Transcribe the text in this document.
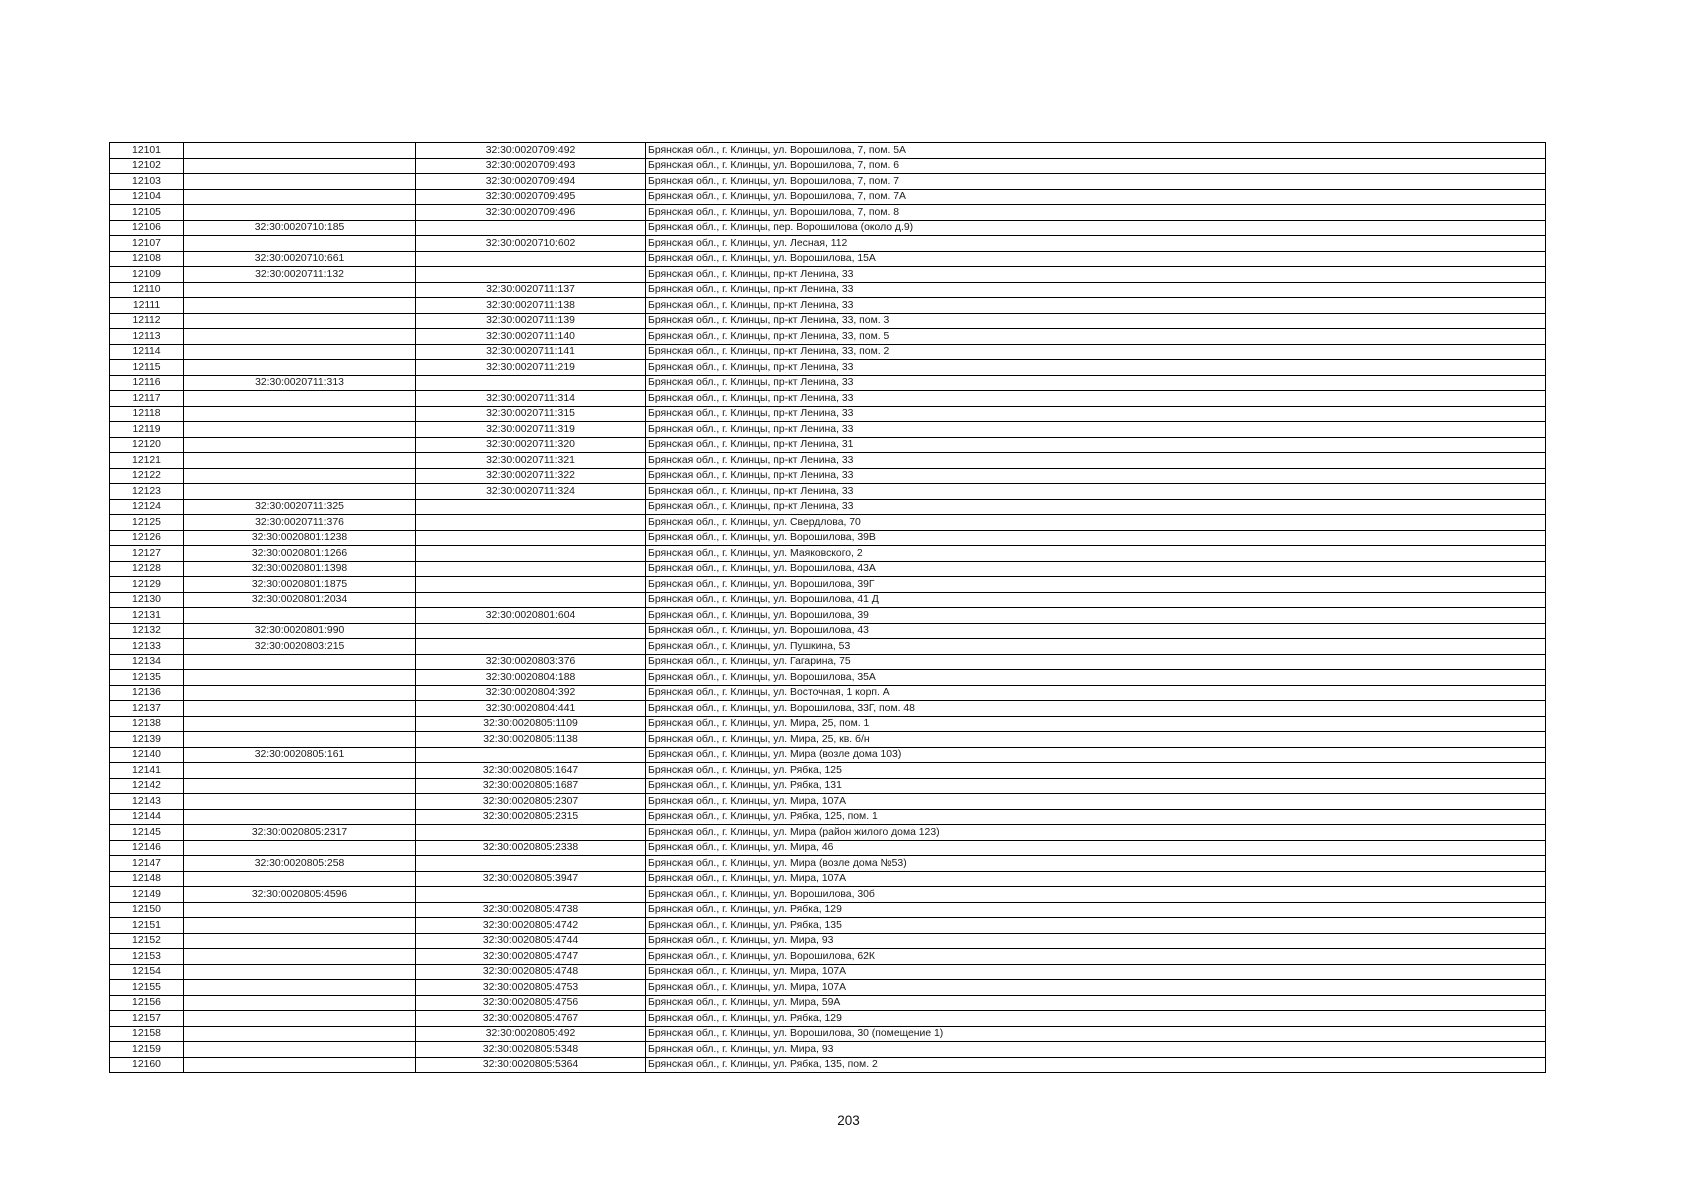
12101		32:30:0020709:492	Брянская обл., г. Клинцы, ул. Ворошилова, 7, пом. 5А
12102		32:30:0020709:493	Брянская обл., г. Клинцы, ул. Ворошилова, 7, пом. 6
12103		32:30:0020709:494	Брянская обл., г. Клинцы, ул. Ворошилова, 7, пом. 7
12104		32:30:0020709:495	Брянская обл., г. Клинцы, ул. Ворошилова, 7, пом. 7А
12105		32:30:0020709:496	Брянская обл., г. Клинцы, ул. Ворошилова, 7, пом. 8
12106	32:30:0020710:185		Брянская обл., г. Клинцы, пер. Ворошилова (около д.9)
12107		32:30:0020710:602	Брянская обл., г. Клинцы, ул. Лесная, 112
12108	32:30:0020710:661		Брянская обл., г. Клинцы, ул. Ворошилова, 15А
12109	32:30:0020711:132		Брянская обл., г. Клинцы, пр-кт Ленина, 33
12110		32:30:0020711:137	Брянская обл., г. Клинцы, пр-кт Ленина, 33
12111		32:30:0020711:138	Брянская обл., г. Клинцы, пр-кт Ленина, 33
12112		32:30:0020711:139	Брянская обл., г. Клинцы, пр-кт Ленина, 33, пом. 3
12113		32:30:0020711:140	Брянская обл., г. Клинцы, пр-кт Ленина, 33, пом. 5
12114		32:30:0020711:141	Брянская обл., г. Клинцы, пр-кт Ленина, 33, пом. 2
12115		32:30:0020711:219	Брянская обл., г. Клинцы, пр-кт Ленина, 33
12116	32:30:0020711:313		Брянская обл., г. Клинцы, пр-кт Ленина, 33
12117		32:30:0020711:314	Брянская обл., г. Клинцы, пр-кт Ленина, 33
12118		32:30:0020711:315	Брянская обл., г. Клинцы, пр-кт Ленина, 33
12119		32:30:0020711:319	Брянская обл., г. Клинцы, пр-кт Ленина, 33
12120		32:30:0020711:320	Брянская обл., г. Клинцы, пр-кт Ленина, 31
12121		32:30:0020711:321	Брянская обл., г. Клинцы, пр-кт Ленина, 33
12122		32:30:0020711:322	Брянская обл., г. Клинцы, пр-кт Ленина, 33
12123		32:30:0020711:324	Брянская обл., г. Клинцы, пр-кт Ленина, 33
12124	32:30:0020711:325		Брянская обл., г. Клинцы, пр-кт Ленина, 33
12125	32:30:0020711:376		Брянская обл., г. Клинцы, ул. Свердлова, 70
12126	32:30:0020801:1238		Брянская обл., г. Клинцы, ул. Ворошилова, 39В
12127	32:30:0020801:1266		Брянская обл., г. Клинцы, ул. Маяковского, 2
12128	32:30:0020801:1398		Брянская обл., г. Клинцы, ул. Ворошилова, 43А
12129	32:30:0020801:1875		Брянская обл., г. Клинцы, ул. Ворошилова, 39Г
12130	32:30:0020801:2034		Брянская обл., г. Клинцы, ул. Ворошилова, 41 Д
12131		32:30:0020801:604	Брянская обл., г. Клинцы, ул. Ворошилова, 39
12132	32:30:0020801:990		Брянская обл., г. Клинцы, ул. Ворошилова, 43
12133	32:30:0020803:215		Брянская обл., г. Клинцы, ул. Пушкина, 53
12134		32:30:0020803:376	Брянская обл., г. Клинцы, ул. Гагарина, 75
12135		32:30:0020804:188	Брянская обл., г. Клинцы, ул. Ворошилова, 35А
12136		32:30:0020804:392	Брянская обл., г. Клинцы, ул. Восточная, 1 корп. А
12137		32:30:0020804:441	Брянская обл., г. Клинцы, ул. Ворошилова, 33Г, пом. 48
12138		32:30:0020805:1109	Брянская обл., г. Клинцы, ул. Мира, 25, пом. 1
12139		32:30:0020805:1138	Брянская обл., г. Клинцы, ул. Мира, 25, кв. б/н
12140	32:30:0020805:161		Брянская обл., г. Клинцы, ул. Мира (возле дома 103)
12141		32:30:0020805:1647	Брянская обл., г. Клинцы, ул. Рябка, 125
12142		32:30:0020805:1687	Брянская обл., г. Клинцы, ул. Рябка, 131
12143		32:30:0020805:2307	Брянская обл., г. Клинцы, ул. Мира, 107А
12144		32:30:0020805:2315	Брянская обл., г. Клинцы, ул. Рябка, 125, пом. 1
12145	32:30:0020805:2317		Брянская обл., г. Клинцы, ул. Мира (район жилого дома 123)
12146		32:30:0020805:2338	Брянская обл., г. Клинцы, ул. Мира, 46
12147	32:30:0020805:258		Брянская обл., г. Клинцы, ул. Мира (возле дома №53)
12148		32:30:0020805:3947	Брянская обл., г. Клинцы, ул. Мира, 107А
12149	32:30:0020805:4596		Брянская обл., г. Клинцы, ул. Ворошилова, 30б
12150		32:30:0020805:4738	Брянская обл., г. Клинцы, ул. Рябка, 129
12151		32:30:0020805:4742	Брянская обл., г. Клинцы, ул. Рябка, 135
12152		32:30:0020805:4744	Брянская обл., г. Клинцы, ул. Мира, 93
12153		32:30:0020805:4747	Брянская обл., г. Клинцы, ул. Ворошилова, 62К
12154		32:30:0020805:4748	Брянская обл., г. Клинцы, ул. Мира, 107А
12155		32:30:0020805:4753	Брянская обл., г. Клинцы, ул. Мира, 107А
12156		32:30:0020805:4756	Брянская обл., г. Клинцы, ул. Мира, 59А
12157		32:30:0020805:4767	Брянская обл., г. Клинцы, ул. Рябка, 129
12158		32:30:0020805:492	Брянская обл., г. Клинцы, ул. Ворошилова, 30 (помещение 1)
12159		32:30:0020805:5348	Брянская обл., г. Клинцы, ул. Мира, 93
12160		32:30:0020805:5364	Брянская обл., г. Клинцы, ул. Рябка, 135, пом. 2
203
